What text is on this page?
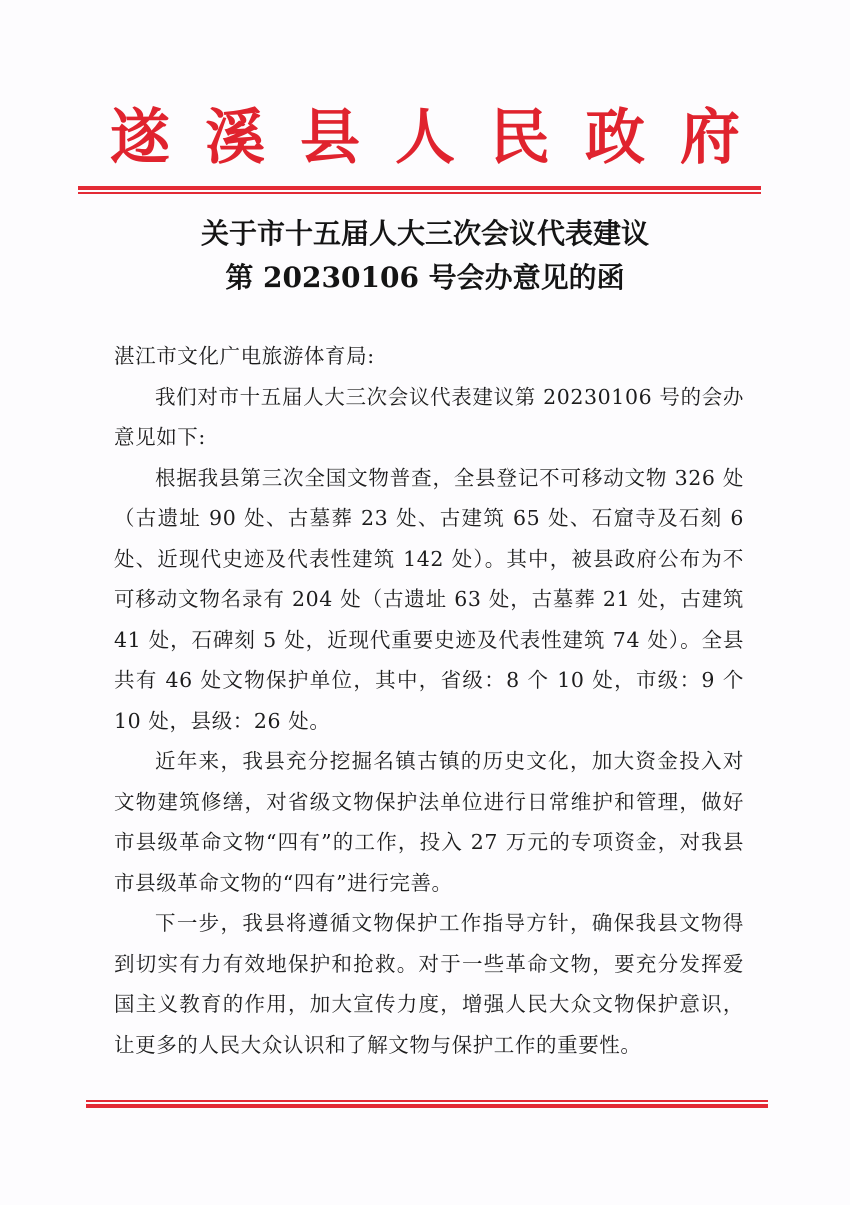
遂 溪 县 人 民 政 府
关于市十五届人大三次会议代表建议
第 20230106 号会办意见的函

湛江市文化广电旅游体育局:

我们对市十五届人大三次会议代表建议第 20230106 号的会办意见如下:

根据我县第三次全国文物普查，全县登记不可移动文物 326 处（古遗址 90 处、古墓葬 23 处、古建筑 65 处、石窟寺及石刻 6 处、近现代史迹及代表性建筑 142 处）。其中，被县政府公布为不可移动文物名录有 204 处（古遗址 63 处，古墓葬 21 处，古建筑 41 处，石碑刻 5 处，近现代重要史迹及代表性建筑 74 处）。全县共有 46 处文物保护单位，其中，省级：8 个 10 处，市级：9 个 10 处，县级：26 处。

近年来，我县充分挖掘名镇古镇的历史文化，加大资金投入对文物建筑修缮，对省级文物保护法单位进行日常维护和管理，做好市县级革命文物“四有”的工作，投入 27 万元的专项资金，对我县市县级革命文物的“四有”进行完善。

下一步，我县将遵循文物保护工作指导方针，确保我县文物得到切实有力有效地保护和抢救。对于一些革命文物，要充分发挥爱国主义教育的作用，加大宣传力度，增强人民大众文物保护意识，让更多的人民大众认识和了解文物与保护工作的重要性。
